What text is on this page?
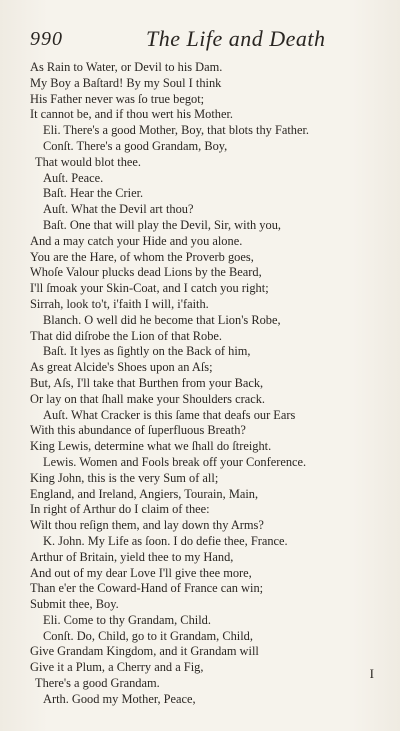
990	The Life and Death
As Rain to Water, or Devil to his Dam.
My Boy a Baſtard! By my Soul I think
His Father never was ſo true begot;
It cannot be, and if thou wert his Mother.
Eli. There's a good Mother, Boy, that blots thy Father.
Conſt. There's a good Grandam, Boy,
That would blot thee.
Auſt. Peace.
Baſt. Hear the Crier.
Auſt. What the Devil art thou?
Baſt. One that will play the Devil, Sir, with you,
And a may catch your Hide and you alone.
You are the Hare, of whom the Proverb goes,
Whoſe Valour plucks dead Lions by the Beard,
I'll ſmoak your Skin-Coat, and I catch you right;
Sirrah, look to't, i'faith I will, i'faith.
Blanch. O well did he become that Lion's Robe,
That did diſrobe the Lion of that Robe.
Baſt. It lyes as ſightly on the Back of him,
As great Alcide's Shoes upon an Aſs;
But, Aſs, I'll take that Burthen from your Back,
Or lay on that ſhall make your Shoulders crack.
Auſt. What Cracker is this ſame that deafs our Ears
With this abundance of ſuperfluous Breath?
King Lewis, determine what we ſhall do ſtreight.
Lewis. Women and Fools break off your Conference.
King John, this is the very Sum of all;
England, and Ireland, Angiers, Tourain, Main,
In right of Arthur do I claim of thee:
Wilt thou reſign them, and lay down thy Arms?
K. John. My Life as ſoon. I do defie thee, France.
Arthur of Britain, yield thee to my Hand,
And out of my dear Love I'll give thee more,
Than e'er the Coward-Hand of France can win;
Submit thee, Boy.
Eli. Come to thy Grandam, Child.
Conſt. Do, Child, go to it Grandam, Child,
Give Grandam Kingdom, and it Grandam will
Give it a Plum, a Cherry and a Fig,
There's a good Grandam.
Arth. Good my Mother, Peace,
I
